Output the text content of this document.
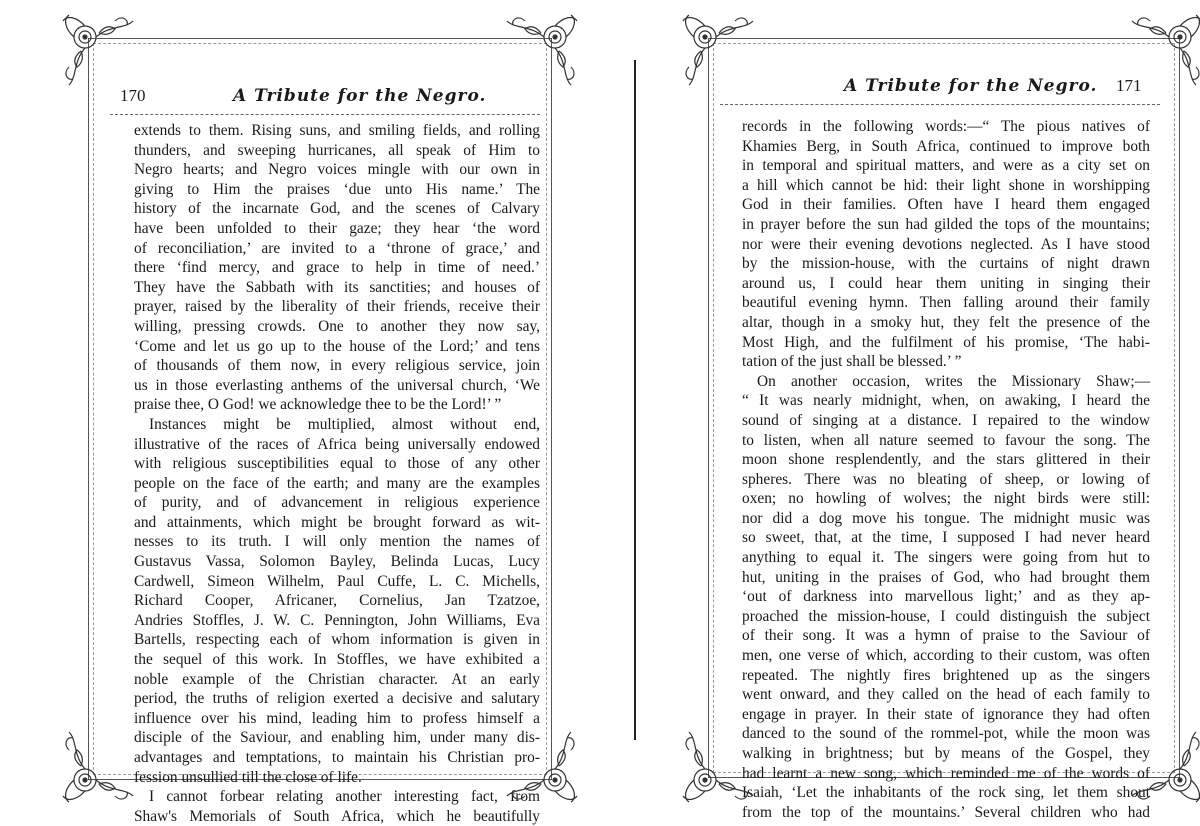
170	A Tribute for the Negro.
extends to them. Rising suns, and smiling fields, and rolling
thunders, and sweeping hurricanes, all speak of Him to
Negro hearts; and Negro voices mingle with our own in
giving to Him the praises ‘due unto His name.’ The
history of the incarnate God, and the scenes of Calvary
have been unfolded to their gaze; they hear ‘the word
of reconciliation,’ are invited to a ‘throne of grace,’ and
there ‘find mercy, and grace to help in time of need.’
They have the Sabbath with its sanctities; and houses of
prayer, raised by the liberality of their friends, receive their
willing, pressing crowds. One to another they now say,
‘Come and let us go up to the house of the Lord;’ and tens
of thousands of them now, in every religious service, join
us in those everlasting anthems of the universal church, ‘We
praise thee, O God! we acknowledge thee to be the Lord!’ ”
Instances might be multiplied, almost without end,
illustrative of the races of Africa being universally endowed
with religious susceptibilities equal to those of any other
people on the face of the earth; and many are the examples
of purity, and of advancement in religious experience
and attainments, which might be brought forward as wit-
nesses to its truth. I will only mention the names of
Gustavus Vassa, Solomon Bayley, Belinda Lucas, Lucy
Cardwell, Simeon Wilhelm, Paul Cuffe, L. C. Michells,
Richard Cooper, Africaner, Cornelius, Jan Tzatzoe,
Andries Stoffles, J. W. C. Pennington, John Williams, Eva
Bartells, respecting each of whom information is given in
the sequel of this work. In Stoffles, we have exhibited a
noble example of the Christian character. At an early
period, the truths of religion exerted a decisive and salutary
influence over his mind, leading him to profess himself a
disciple of the Saviour, and enabling him, under many dis-
advantages and temptations, to maintain his Christian pro-
fession unsullied till the close of life.
I cannot forbear relating another interesting fact, from
Shaw's Memorials of South Africa, which he beautifully
A Tribute for the Negro. 171
records in the following words:—“ The pious natives of
Khamies Berg, in South Africa, continued to improve both
in temporal and spiritual matters, and were as a city set on
a hill which cannot be hid: their light shone in worshipping
God in their families. Often have I heard them engaged
in prayer before the sun had gilded the tops of the mountains;
nor were their evening devotions neglected. As I have stood
by the mission-house, with the curtains of night drawn
around us, I could hear them uniting in singing their
beautiful evening hymn. Then falling around their family
altar, though in a smoky hut, they felt the presence of the
Most High, and the fulfilment of his promise, ‘The habi-
tation of the just shall be blessed.’ ”
On another occasion, writes the Missionary Shaw;—
“ It was nearly midnight, when, on awaking, I heard the
sound of singing at a distance. I repaired to the window
to listen, when all nature seemed to favour the song. The
moon shone resplendently, and the stars glittered in their
spheres. There was no bleating of sheep, or lowing of
oxen; no howling of wolves; the night birds were still:
nor did a dog move his tongue. The midnight music was
so sweet, that, at the time, I supposed I had never heard
anything to equal it. The singers were going from hut to
hut, uniting in the praises of God, who had brought them
‘out of darkness into marvellous light;’ and as they ap-
proached the mission-house, I could distinguish the subject
of their song. It was a hymn of praise to the Saviour of
men, one verse of which, according to their custom, was often
repeated. The nightly fires brightened up as the singers
went onward, and they called on the head of each family to
engage in prayer. In their state of ignorance they had often
danced to the sound of the rommel-pot, while the moon was
walking in brightness; but by means of the Gospel, they
had learnt a new song, which reminded me of the words of
Isaiah, ‘Let the inhabitants of the rock sing, let them shout
from the top of the mountains.’ Several children who had
